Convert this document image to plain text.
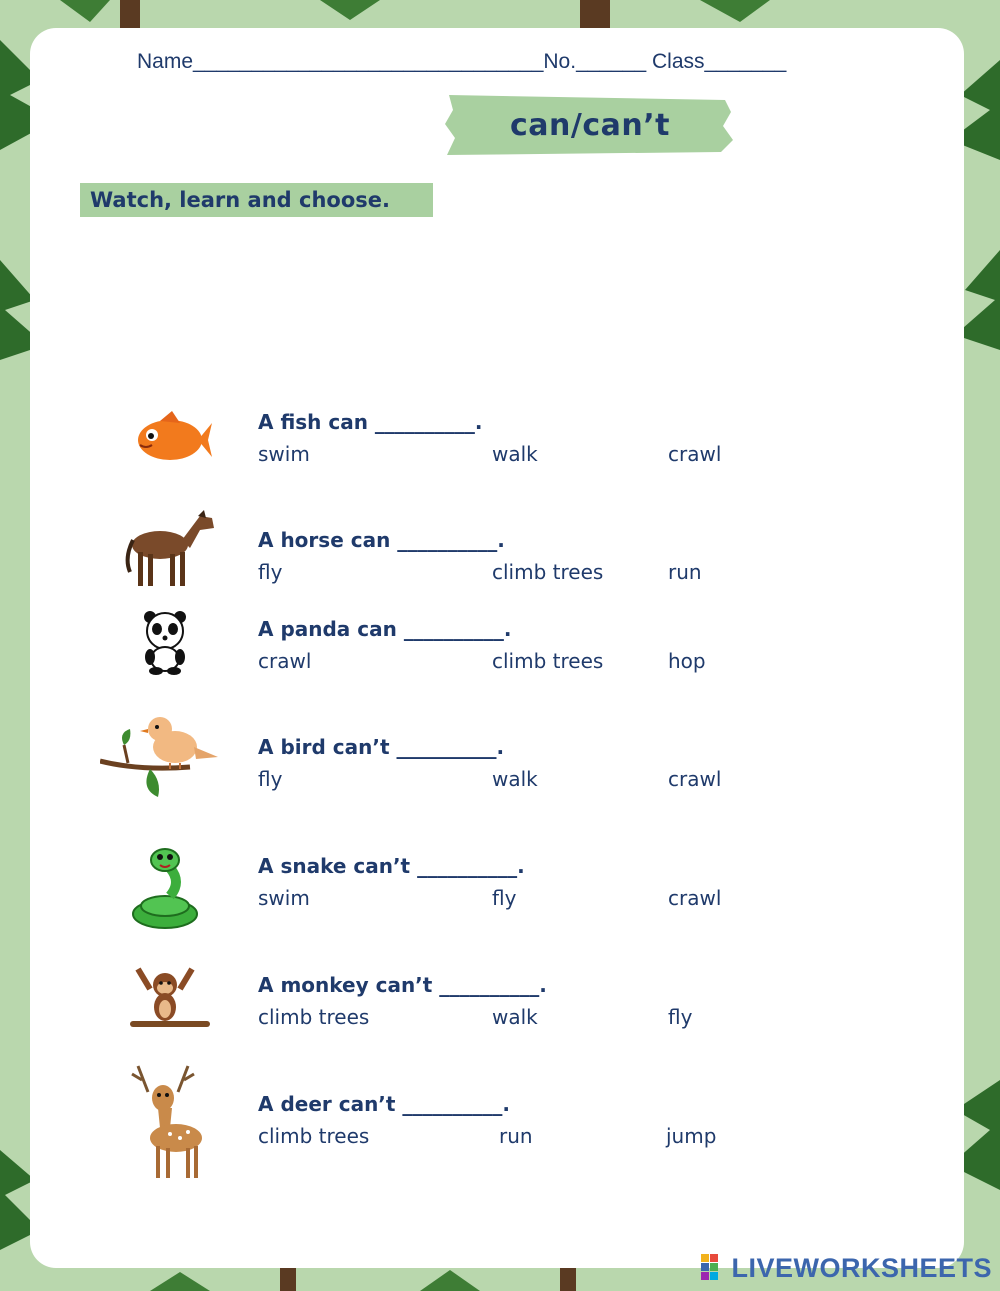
Name______________________________No.______ Class_______
can/can’t
Watch, learn and choose.
A fish can __________.
swim	walk	crawl
A horse can __________.
fly	climb trees	run
A panda can __________.
crawl	climb trees	hop
A bird can’t __________.
fly	walk	crawl
A snake can’t __________.
swim	fly	crawl
A monkey can’t __________.
climb trees	walk	fly
A deer can’t __________.
climb trees	run	jump
LIVEWORKSHEETS
